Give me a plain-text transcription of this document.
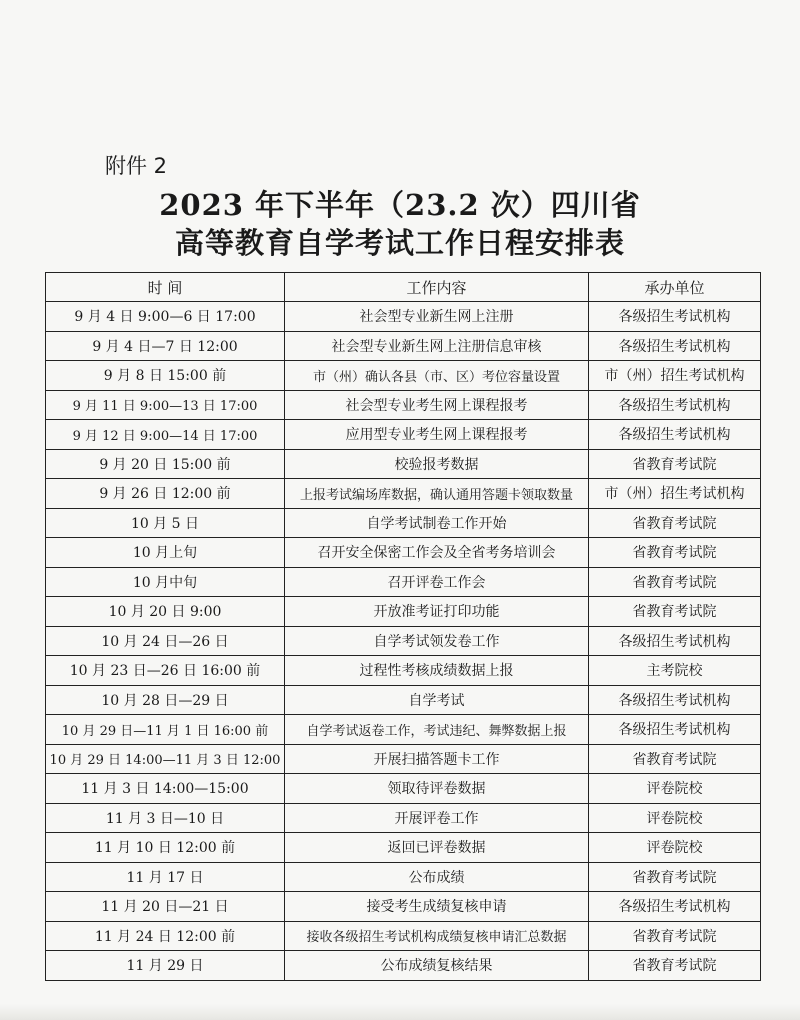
附件 2
2023 年下半年（23.2 次）四川省
高等教育自学考试工作日程安排表
时 间	工作内容	承办单位
9 月 4 日 9:00—6 日 17:00	社会型专业新生网上注册	各级招生考试机构
9 月 4 日—7 日 12:00	社会型专业新生网上注册信息审核	各级招生考试机构
9 月 8 日 15:00 前	市（州）确认各县（市、区）考位容量设置	市（州）招生考试机构
9 月 11 日 9:00—13 日 17:00	社会型专业考生网上课程报考	各级招生考试机构
9 月 12 日 9:00—14 日 17:00	应用型专业考生网上课程报考	各级招生考试机构
9 月 20 日 15:00 前	校验报考数据	省教育考试院
9 月 26 日 12:00 前	上报考试编场库数据，确认通用答题卡领取数量	市（州）招生考试机构
10 月 5 日	自学考试制卷工作开始	省教育考试院
10 月上旬	召开安全保密工作会及全省考务培训会	省教育考试院
10 月中旬	召开评卷工作会	省教育考试院
10 月 20 日 9:00	开放准考证打印功能	省教育考试院
10 月 24 日—26 日	自学考试领发卷工作	各级招生考试机构
10 月 23 日—26 日 16:00 前	过程性考核成绩数据上报	主考院校
10 月 28 日—29 日	自学考试	各级招生考试机构
10 月 29 日—11 月 1 日 16:00 前	自学考试返卷工作，考试违纪、舞弊数据上报	各级招生考试机构
10 月 29 日 14:00—11 月 3 日 12:00	开展扫描答题卡工作	省教育考试院
11 月 3 日 14:00—15:00	领取待评卷数据	评卷院校
11 月 3 日—10 日	开展评卷工作	评卷院校
11 月 10 日 12:00 前	返回已评卷数据	评卷院校
11 月 17 日	公布成绩	省教育考试院
11 月 20 日—21 日	接受考生成绩复核申请	各级招生考试机构
11 月 24 日 12:00 前	接收各级招生考试机构成绩复核申请汇总数据	省教育考试院
11 月 29 日	公布成绩复核结果	省教育考试院
